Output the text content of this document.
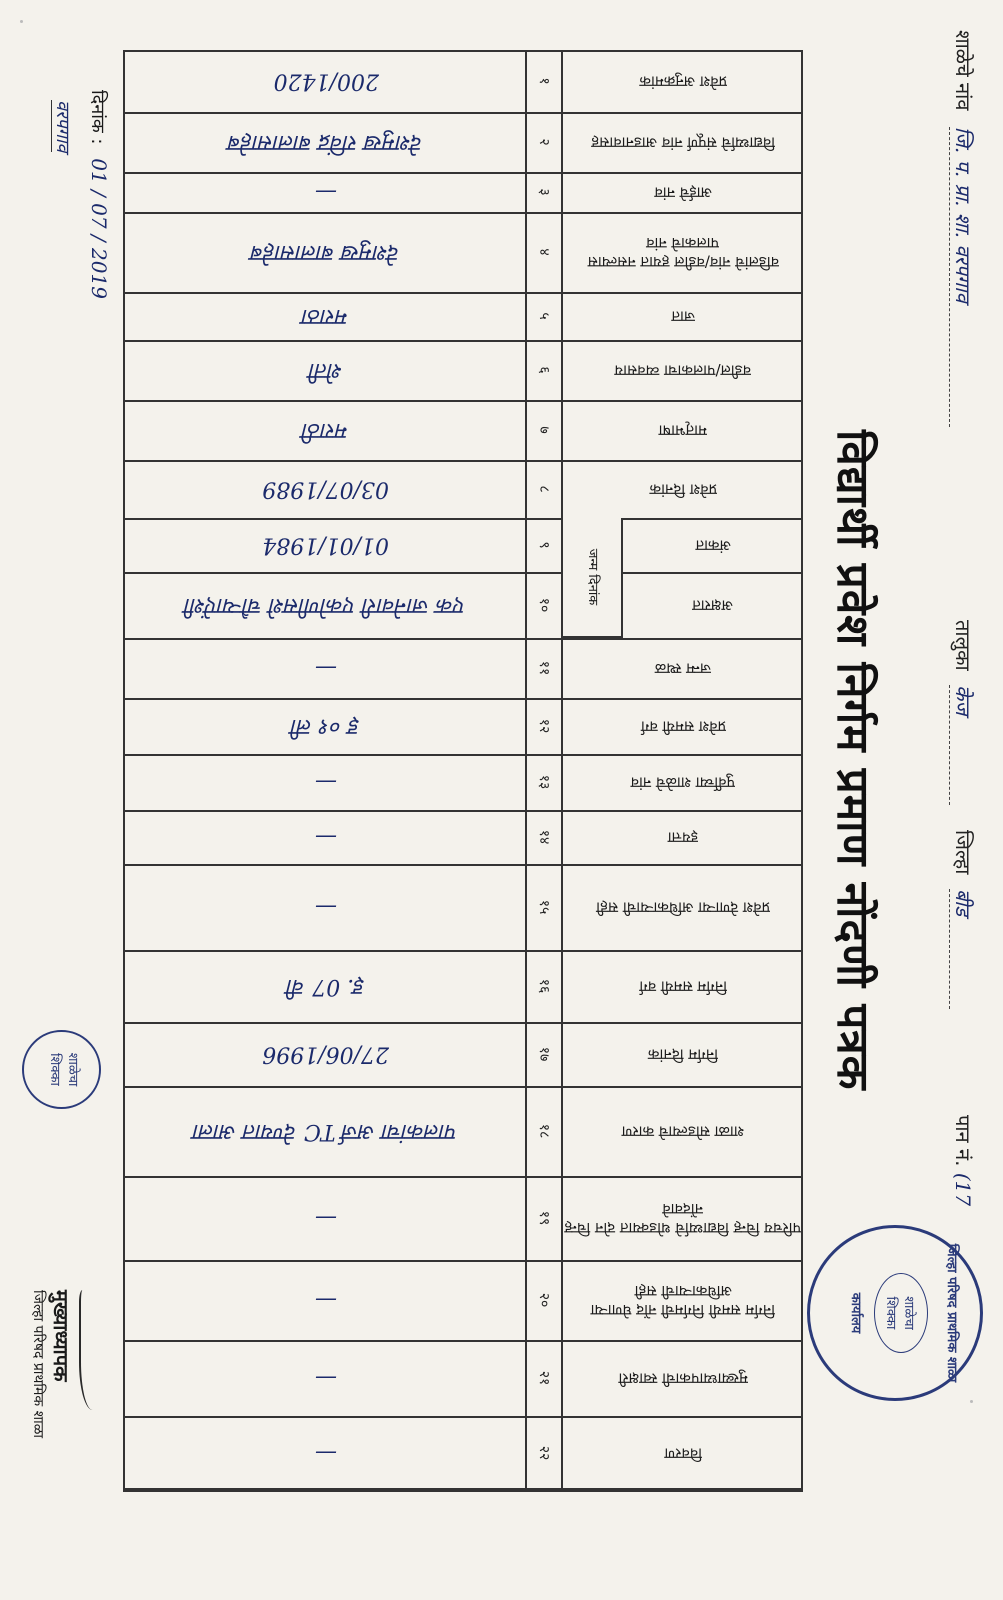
शाळेचे नांव जि. प. प्रा. शा. वरपगाव
तालुका केज
जिल्हा बीड
पान नं. (17
विद्यार्थी प्रवेश निर्गम प्रमाण नोंदणी पत्रक
जिल्हा परिषद प्राथमिक शाळा
शाळेचा शिक्का
कार्यालय
प्रवेश अनुक्रमांक
१
200/1420
विद्यार्थ्याचे संपूर्ण नांव आडनावासह
२
देशमुख रविंद्र बालासाहेब
आईचे नांव
३
—
वडिलांचे नांव/वडील हयात नसल्यास पालकाचे नांव
४
देशमुख बालासाहेब
जात
५
मराठा
वडील/पालकाचा व्यवसाय
६
शेती
मातृभाषा
७
मराठी
प्रवेश दिनांक
८
03/07/1989
अंकात
९
01/01/1984
अक्षरात
१०
एक जानेवारी एकोणीसशे चौऱ्याऐंशी
जन्म स्थळ
११
—
प्रवेश समयी वर्ग
१२
इ ०१ ली
पुर्वीच्या शाळेचे नांव
१३
—
इयत्ता
१४
—
प्रवेश देणाऱ्या अधिकाऱ्याची सही
१५
—
निर्गम समयी वर्ग
१६
इ. 07 वी
निर्गम दिनांक
१७
27/06/1996
शाळा सोडल्याचे कारण
१८
पालकांचा अर्ज TC देण्यात आला
परिचय चिन्ह विद्यार्थ्याचे थोडक्यात दोन चिन्ह नोंदवावे
१९
—
निर्गम समयी निर्गमची नोंद घेणाऱ्या अधिकाऱ्याची सही
२०
—
मुख्याध्यापकाची स्वाक्षरी
२१
—
विवरण
२२
—
जन्म दिनांक
दिनांक : 01 / 07 / 2019
वरपगाव
शाळेचा शिक्का
मुख्याध्यापक
जिल्हा परिषद प्राथमिक शाळा
